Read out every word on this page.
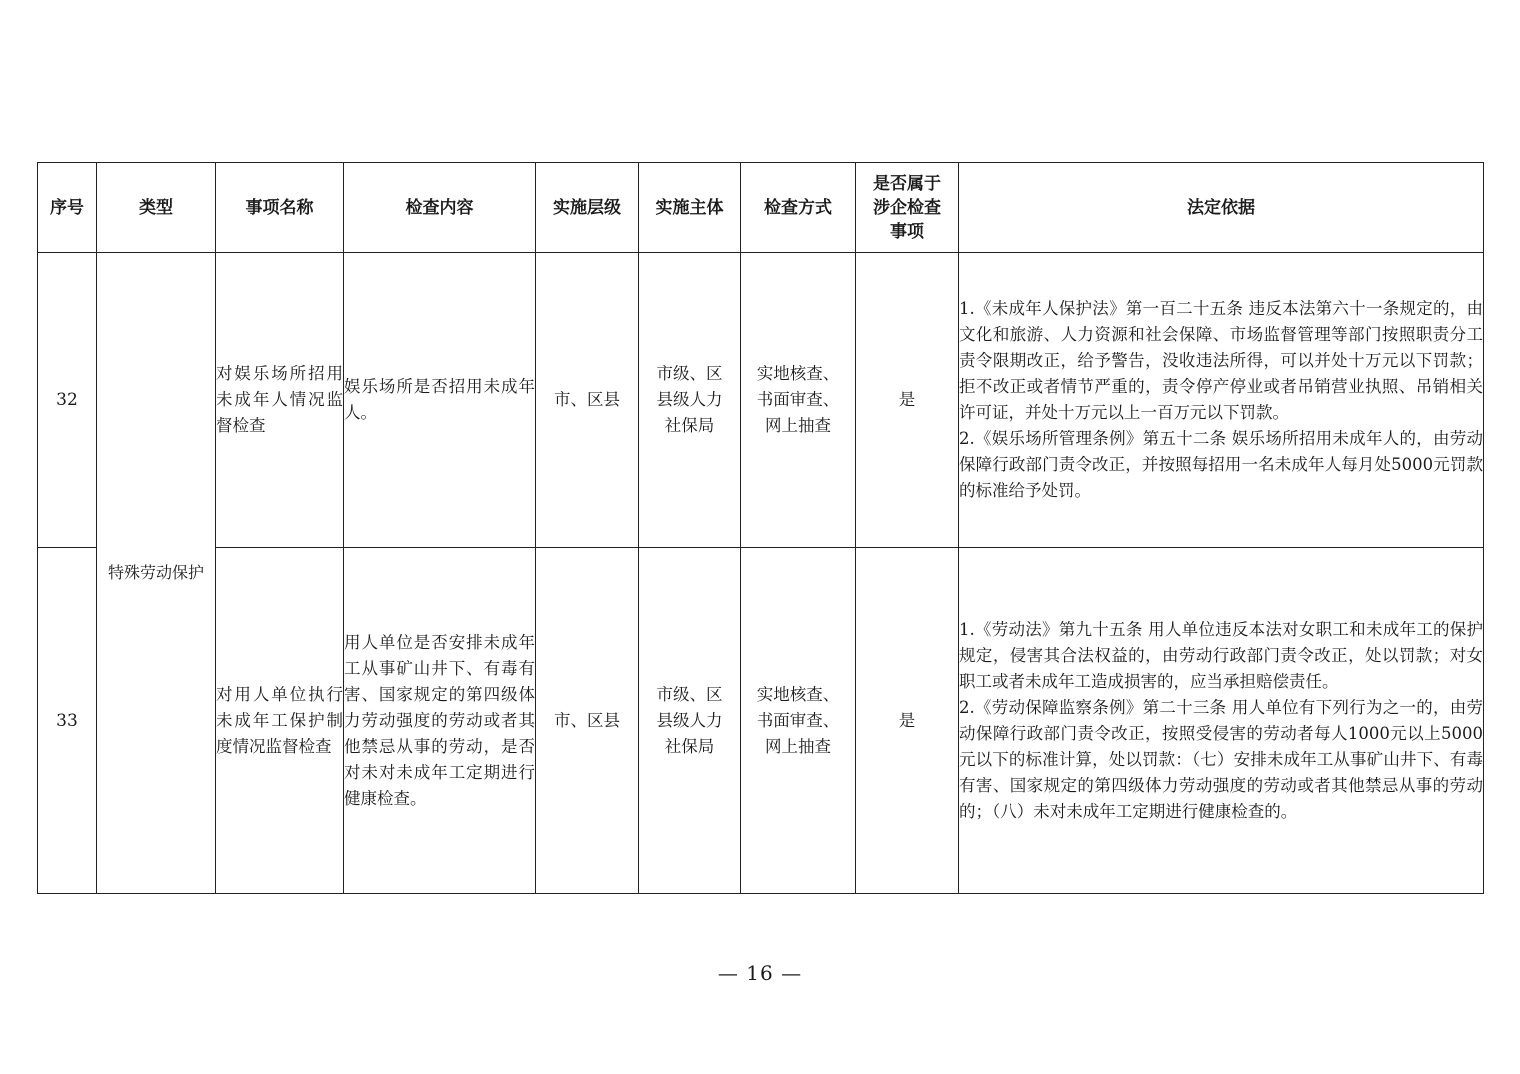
序号	类型	事项名称	检查内容	实施层级	实施主体	检查方式	是否属于涉企检查事项	法定依据
32	特殊劳动保护	对娱乐场所招用未成年人情况监督检查	娱乐场所是否招用未成年人。	市、区县	市级、区县级人力社保局	实地核查、书面审查、网上抽查	是	1.《未成年人保护法》第一百二十五条 违反本法第六十一条规定的，由文化和旅游、人力资源和社会保障、市场监督管理等部门按照职责分工责令限期改正，给予警告，没收违法所得，可以并处十万元以下罚款；拒不改正或者情节严重的，责令停产停业或者吊销营业执照、吊销相关许可证，并处十万元以上一百万元以下罚款。

2.《娱乐场所管理条例》第五十二条 娱乐场所招用未成年人的，由劳动保障行政部门责令改正，并按照每招用一名未成年人每月处5000元罚款的标准给予处罚。

33		对用人单位执行未成年工保护制度情况监督检查	用人单位是否安排未成年工从事矿山井下、有毒有害、国家规定的第四级体力劳动强度的劳动或者其他禁忌从事的劳动，是否对未对未成年工定期进行健康检查。	市、区县	市级、区县级人力社保局	实地核查、书面审查、网上抽查	是	1.《劳动法》第九十五条 用人单位违反本法对女职工和未成年工的保护规定，侵害其合法权益的，由劳动行政部门责令改正，处以罚款；对女职工或者未成年工造成损害的，应当承担赔偿责任。

2.《劳动保障监察条例》第二十三条 用人单位有下列行为之一的，由劳动保障行政部门责令改正，按照受侵害的劳动者每人1000元以上5000元以下的标准计算，处以罚款：（七）安排未成年工从事矿山井下、有毒有害、国家规定的第四级体力劳动强度的劳动或者其他禁忌从事的劳动的；（八）未对未成年工定期进行健康检查的。

— 16 —
